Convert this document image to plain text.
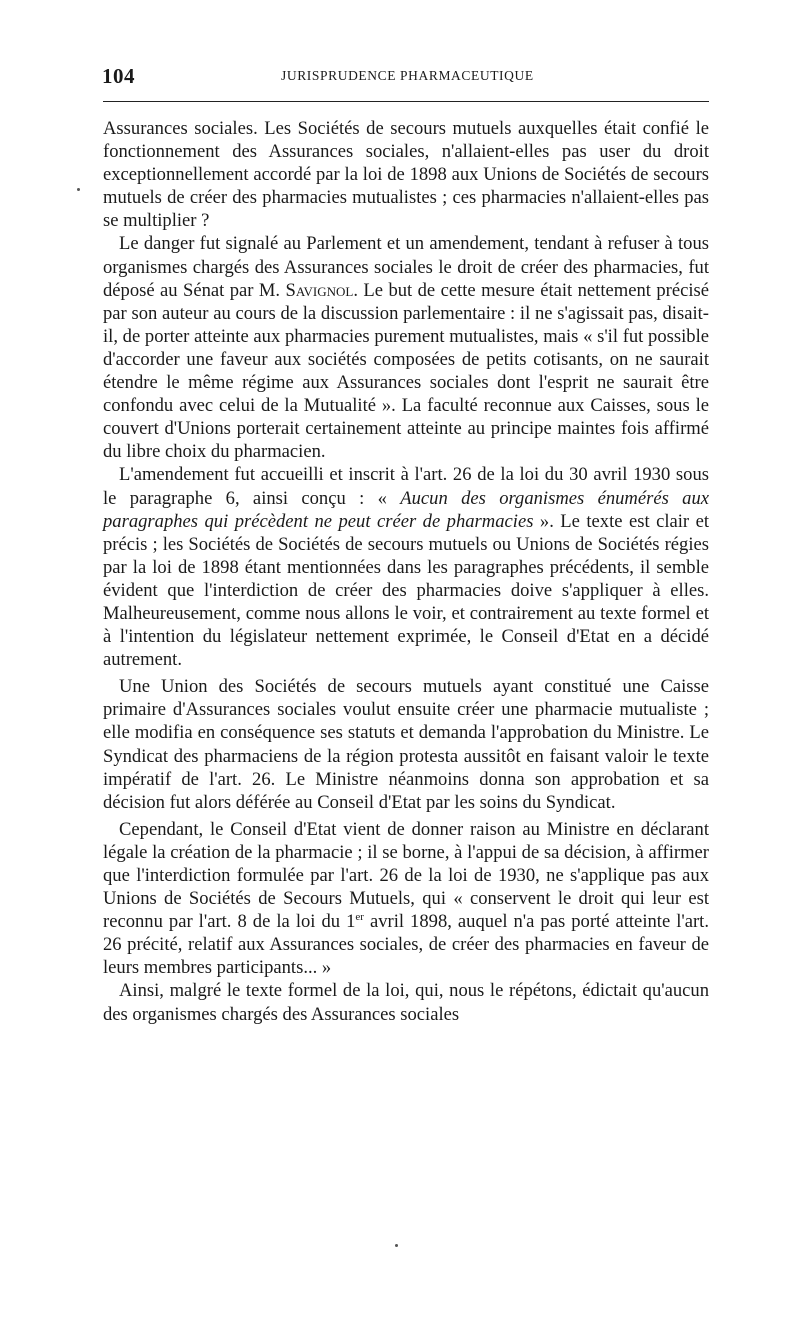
104	JURISPRUDENCE PHARMACEUTIQUE

Assurances sociales. Les Sociétés de secours mutuels auxquelles était confié le fonctionnement des Assurances sociales, n'allaient-elles pas user du droit exceptionnellement accordé par la loi de 1898 aux Unions de Sociétés de secours mutuels de créer des pharmacies mutualistes ; ces pharmacies n'allaient-elles pas se multiplier ?

Le danger fut signalé au Parlement et un amendement, tendant à refuser à tous organismes chargés des Assurances sociales le droit de créer des pharmacies, fut déposé au Sénat par M. Savignol. Le but de cette mesure était nettement précisé par son auteur au cours de la discussion parlementaire : il ne s'agissait pas, disait-il, de porter atteinte aux pharmacies purement mutualistes, mais « s'il fut possible d'accorder une faveur aux sociétés composées de petits cotisants, on ne saurait étendre le même régime aux Assurances sociales dont l'esprit ne saurait être confondu avec celui de la Mutualité ». La faculté reconnue aux Caisses, sous le couvert d'Unions porterait certainement atteinte au principe maintes fois affirmé du libre choix du pharmacien.

L'amendement fut accueilli et inscrit à l'art. 26 de la loi du 30 avril 1930 sous le paragraphe 6, ainsi conçu : « Aucun des organismes énumérés aux paragraphes qui précèdent ne peut créer de pharmacies ». Le texte est clair et précis ; les Sociétés de Sociétés de secours mutuels ou Unions de Sociétés régies par la loi de 1898 étant mentionnées dans les paragraphes précédents, il semble évident que l'interdiction de créer des pharmacies doive s'appliquer à elles. Malheureusement, comme nous allons le voir, et contrairement au texte formel et à l'intention du législateur nettement exprimée, le Conseil d'Etat en a décidé autrement.

Une Union des Sociétés de secours mutuels ayant constitué une Caisse primaire d'Assurances sociales voulut ensuite créer une pharmacie mutualiste ; elle modifia en conséquence ses statuts et demanda l'approbation du Ministre. Le Syndicat des pharmaciens de la région protesta aussitôt en faisant valoir le texte impératif de l'art. 26. Le Ministre néanmoins donna son approbation et sa décision fut alors déférée au Conseil d'Etat par les soins du Syndicat.

Cependant, le Conseil d'Etat vient de donner raison au Ministre en déclarant légale la création de la pharmacie ; il se borne, à l'appui de sa décision, à affirmer que l'interdiction formulée par l'art. 26 de la loi de 1930, ne s'applique pas aux Unions de Sociétés de Secours Mutuels, qui « conservent le droit qui leur est reconnu par l'art. 8 de la loi du 1er avril 1898, auquel n'a pas porté atteinte l'art. 26 précité, relatif aux Assurances sociales, de créer des pharmacies en faveur de leurs membres participants... »

Ainsi, malgré le texte formel de la loi, qui, nous le répétons, édictait qu'aucun des organismes chargés des Assurances sociales
